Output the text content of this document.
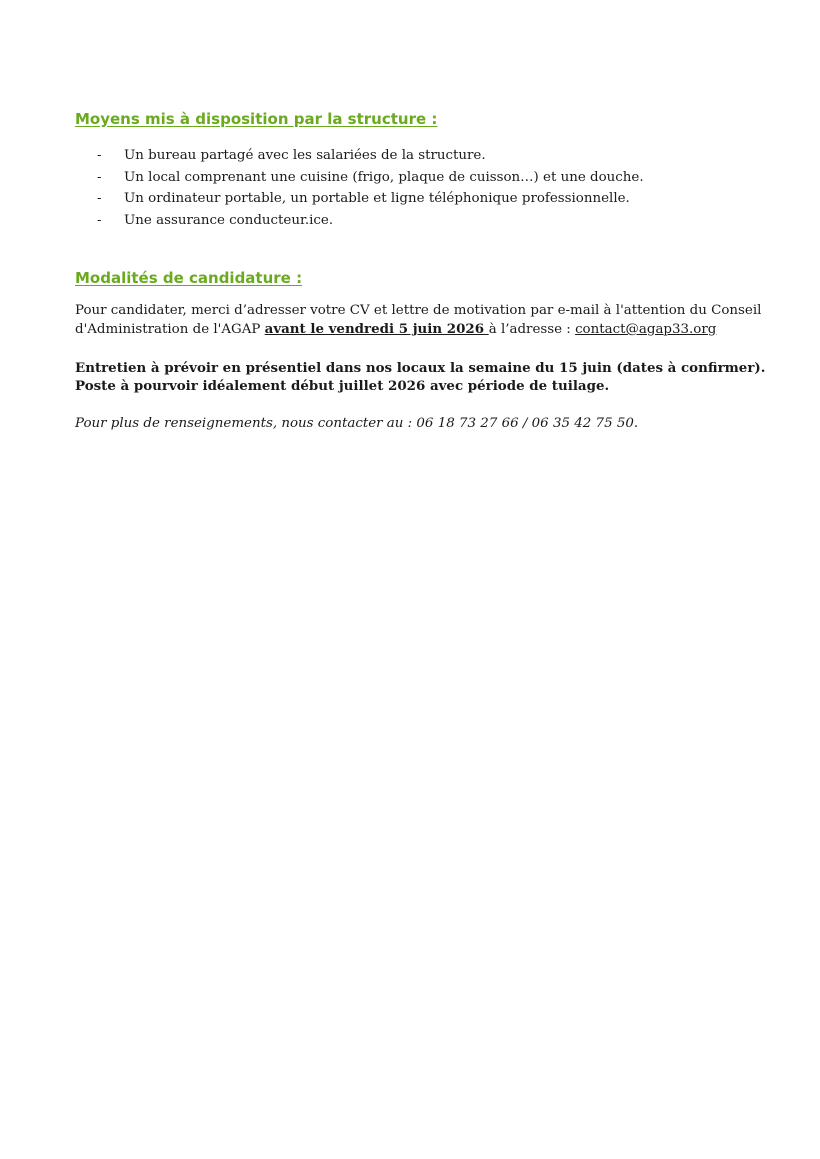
Moyens mis à disposition par la structure :
- Un bureau partagé avec les salariées de la structure.
- Un local comprenant une cuisine (frigo, plaque de cuisson…) et une douche.
- Un ordinateur portable, un portable et ligne téléphonique professionnelle.
- Une assurance conducteur.ice.
Modalités de candidature :

Pour candidater, merci d’adresser votre CV et lettre de motivation par e-mail à l'attention du Conseil
d'Administration de l'AGAP avant le vendredi 5 juin 2026 à l’adresse : contact@agap33.org

Entretien à prévoir en présentiel dans nos locaux la semaine du 15 juin (dates à confirmer).
Poste à pourvoir idéalement début juillet 2026 avec période de tuilage.

Pour plus de renseignements, nous contacter au : 06 18 73 27 66 / 06 35 42 75 50.
